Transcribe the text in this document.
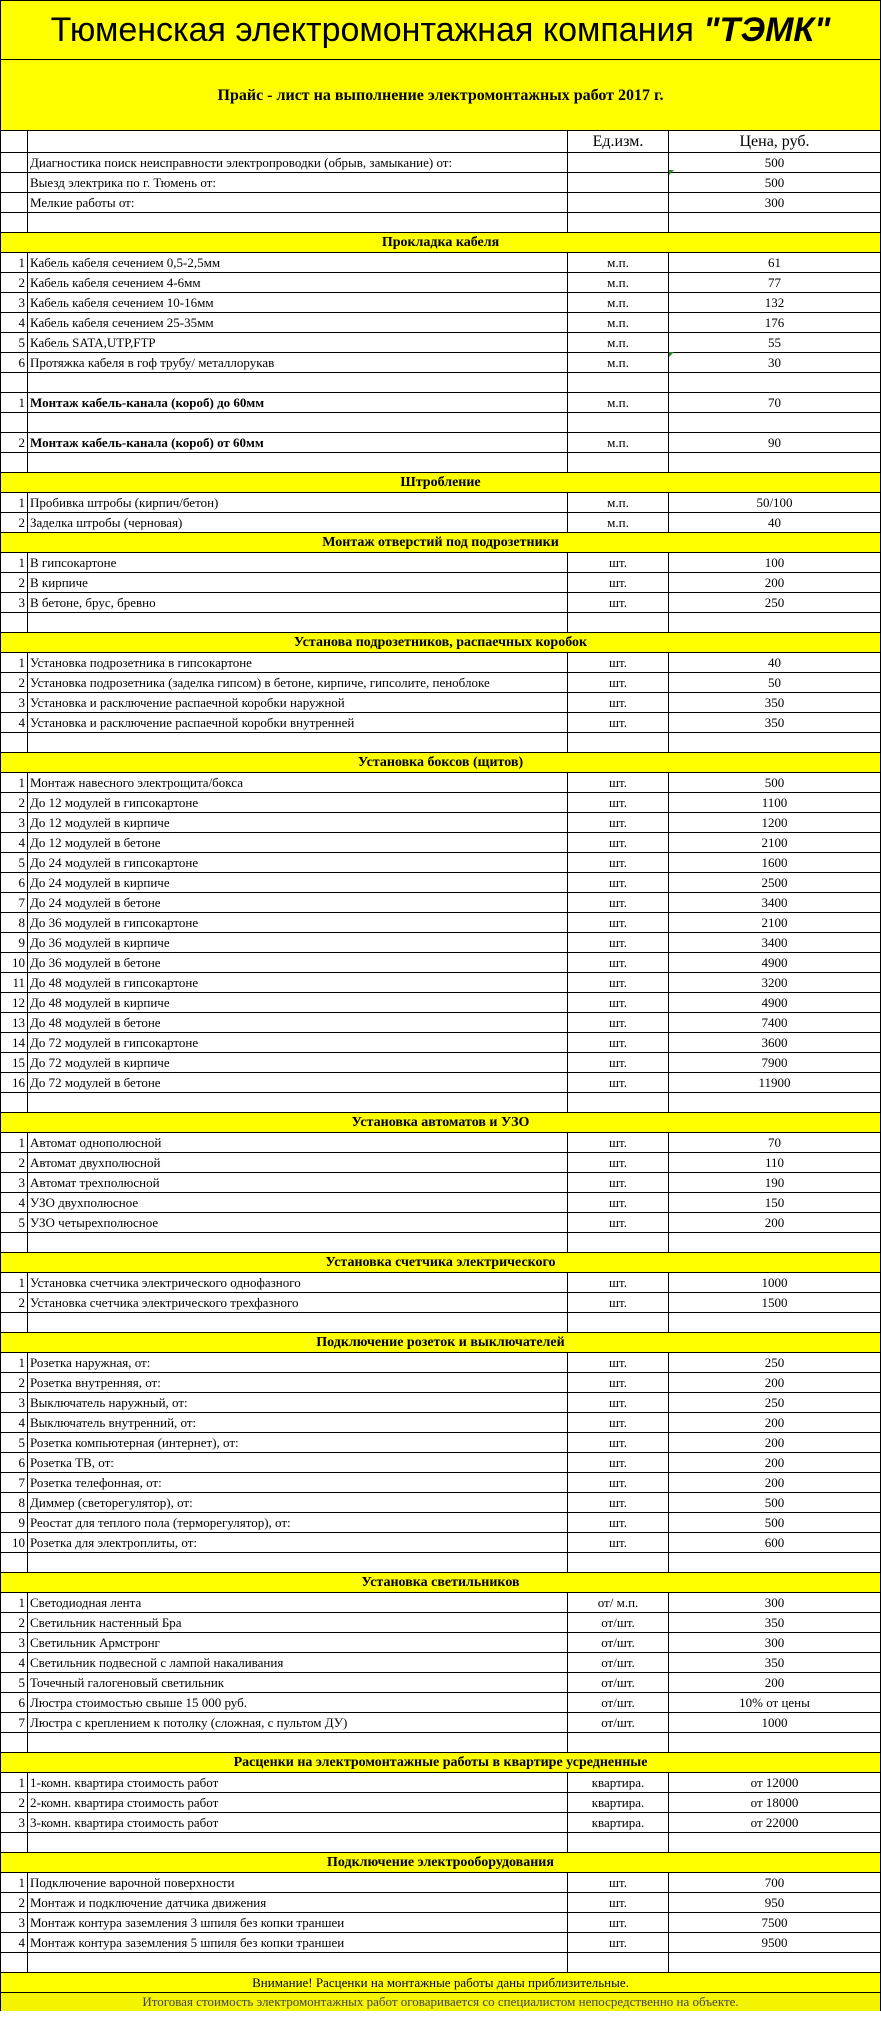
Тюменская электромонтажная компания "ТЭМК"
Прайс - лист на выполнение электромонтажных работ 2017 г.
Ед.изм.	Цена, руб.
Диагностика поиск неисправности электропроводки (обрыв, замыкание) от:	500
Выезд электрика по г. Тюмень от:	500
Мелкие работы от:	300
Прокладка кабеля
1 Кабель кабеля сечением 0,5-2,5мм	м.п.	61
2 Кабель кабеля сечением 4-6мм	м.п.	77
3 Кабель кабеля сечением 10-16мм	м.п.	132
4 Кабель кабеля сечением 25-35мм	м.п.	176
5 Кабель SATA,UTP,FTP	м.п.	55
6 Протяжка кабеля в гоф трубу/ металлорукав	м.п.	30
1 Монтаж кабель-канала (короб) до 60мм	м.п.	70
2 Монтаж кабель-канала (короб) от 60мм	м.п.	90
Штробление
1 Пробивка штробы (кирпич/бетон)	м.п.	50/100
2 Заделка штробы (черновая)	м.п.	40
Монтаж отверстий под подрозетники
1 В гипсокартоне	шт.	100
2 В кирпиче	шт.	200
3 В бетоне, брус, бревно	шт.	250
Установа подрозетников, распаечных коробок
1 Установка подрозетника в гипсокартоне	шт.	40
2 Установка подрозетника (заделка гипсом) в бетоне, кирпиче, гипсолите, пеноблоке	шт.	50
3 Установка и расключение распаечной коробки наружной	шт.	350
4 Установка и расключение распаечной коробки внутренней	шт.	350
Установка боксов (щитов)
1 Монтаж навесного электрощита/бокса	шт.	500
2 До 12 модулей в гипсокартоне	шт.	1100
3 До 12 модулей в кирпиче	шт.	1200
4 До 12 модулей в бетоне	шт.	2100
5 До 24 модулей в гипсокартоне	шт.	1600
6 До 24 модулей в кирпиче	шт.	2500
7 До 24 модулей в бетоне	шт.	3400
8 До 36 модулей в гипсокартоне	шт.	2100
9 До 36 модулей в кирпиче	шт.	3400
10 До 36 модулей в бетоне	шт.	4900
11 До 48 модулей в гипсокартоне	шт.	3200
12 До 48 модулей в кирпиче	шт.	4900
13 До 48 модулей в бетоне	шт.	7400
14 До 72 модулей в гипсокартоне	шт.	3600
15 До 72 модулей в кирпиче	шт.	7900
16 До 72 модулей в бетоне	шт.	11900
Установка автоматов и УЗО
1 Автомат однополюсной	шт.	70
2 Автомат двухполюсной	шт.	110
3 Автомат трехполюсной	шт.	190
4 УЗО двухполюсное	шт.	150
5 УЗО четырехполюсное	шт.	200
Установка счетчика электрического
1 Установка счетчика электрического однофазного	шт.	1000
2 Установка счетчика электрического трехфазного	шт.	1500
Подключение розеток и выключателей
1 Розетка наружная, от:	шт.	250
2 Розетка внутренняя, от:	шт.	200
3 Выключатель наружный, от:	шт.	250
4 Выключатель внутренний, от:	шт.	200
5 Розетка компьютерная (интернет), от:	шт.	200
6 Розетка ТВ, от:	шт.	200
7 Розетка телефонная, от:	шт.	200
8 Диммер (светорегулятор), от:	шт.	500
9 Реостат для теплого пола (терморегулятор), от:	шт.	500
10 Розетка для электроплиты, от:	шт.	600
Установка светильников
1 Светодиодная лента	от/ м.п.	300
2 Светильник настенный Бра	от/шт.	350
3 Светильник Армстронг	от/шт.	300
4 Светильник подвесной с лампой накаливания	от/шт.	350
5 Точечный галогеновый светильник	от/шт.	200
6 Люстра стоимостью свыше 15 000 руб.	от/шт.	10% от цены
7 Люстра с креплением к потолку (сложная, с пультом ДУ)	от/шт.	1000
Расценки на электромонтажные работы в квартире усредненные
1 1-комн. квартира стоимость работ	квартира.	от 12000
2 2-комн. квартира стоимость работ	квартира.	от 18000
3 3-комн. квартира стоимость работ	квартира.	от 22000
Подключение электрооборудования
1 Подключение варочной поверхности	шт.	700
2 Монтаж и подключение датчика движения	шт.	950
3 Монтаж контура заземления 3 шпиля без копки траншеи	шт.	7500
4 Монтаж контура заземления 5 шпиля без копки траншеи	шт.	9500
Внимание! Расценки на монтажные работы даны приблизительные.
Итоговая стоимость электромонтажных работ оговаривается со специалистом непосредственно на объекте.
